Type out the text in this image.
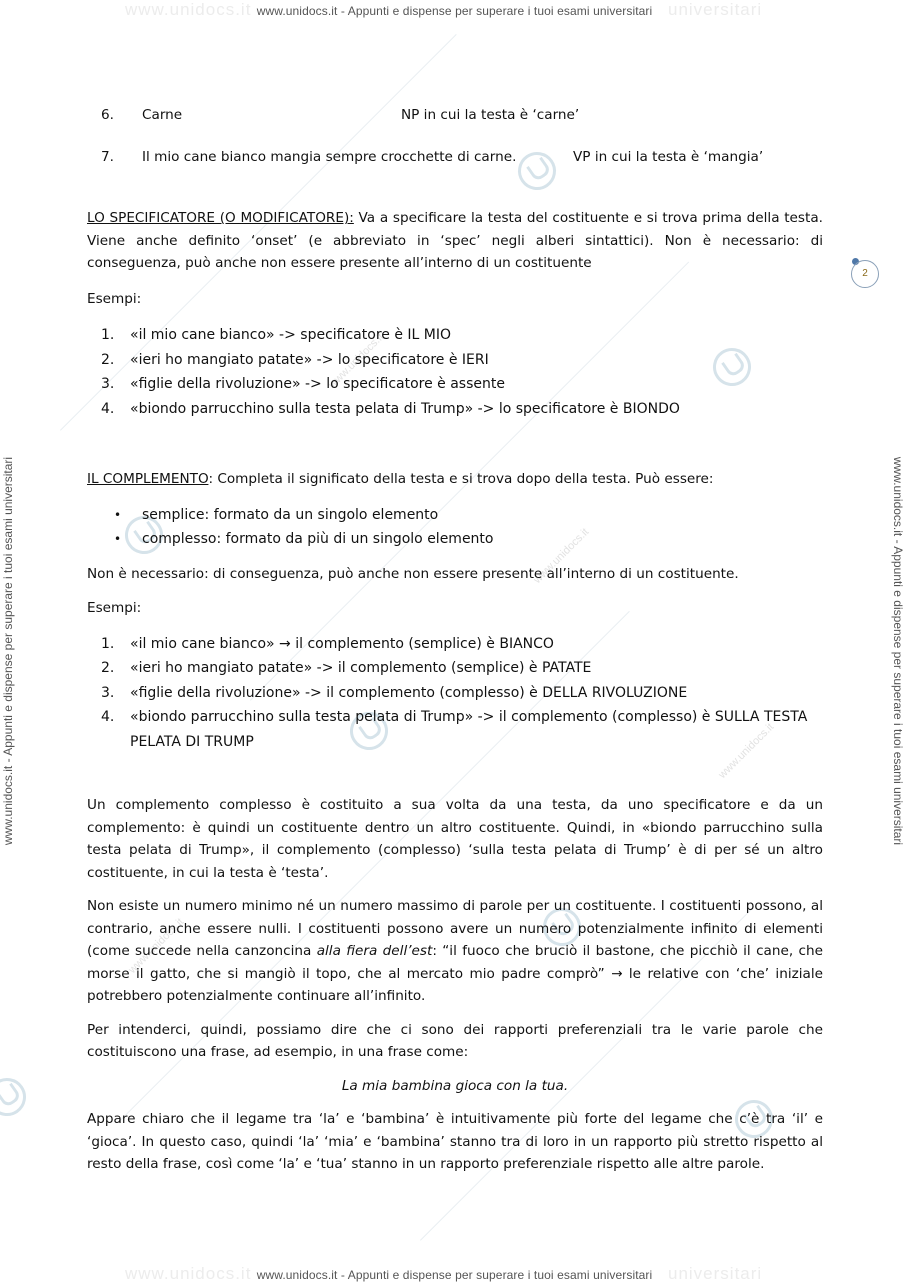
www.unidocs.it
www.unidocs.it
www.unidocs.it
www.unidocs.it
www.unidocs.it www.unidocs.it - Appunti e dispense per superare i tuoi esami universitari universitari
www.unidocs.it www.unidocs.it - Appunti e dispense per superare i tuoi esami universitari universitari
www.unidocs.it - Appunti e dispense per superare i tuoi esami universitari	www.unidocs.it - Appunti e dispense per superare i tuoi esami universitari
2
6. Carne	NP in cui la testa è ‘carne’
7. Il mio cane bianco mangia sempre crocchette di carne.	VP in cui la testa è ‘mangia’

LO SPECIFICATORE (O MODIFICATORE): Va a specificare la testa del costituente e si trova prima della testa. Viene anche definito ‘onset’ (e abbreviato in ‘spec’ negli alberi sintattici). Non è necessario: di conseguenza, può anche non essere presente all’interno di un costituente

Esempi:

1. «il mio cane bianco» -> specificatore è IL MIO
2. «ieri ho mangiato patate» -> lo specificatore è IERI
3. «figlie della rivoluzione» -> lo specificatore è assente
4. «biondo parrucchino sulla testa pelata di Trump» -> lo specificatore è BIONDO

IL COMPLEMENTO: Completa il significato della testa e si trova dopo della testa. Può essere:

• semplice: formato da un singolo elemento
• complesso: formato da più di un singolo elemento

Non è necessario: di conseguenza, può anche non essere presente all’interno di un costituente.

Esempi:

1. «il mio cane bianco» → il complemento (semplice) è BIANCO
2. «ieri ho mangiato patate» -> il complemento (semplice) è PATATE
3. «figlie della rivoluzione» -> il complemento (complesso) è DELLA RIVOLUZIONE
4. «biondo parrucchino sulla testa pelata di Trump» -> il complemento (complesso) è SULLA TESTA PELATA DI TRUMP

Un complemento complesso è costituito a sua volta da una testa, da uno specificatore e da un complemento: è quindi un costituente dentro un altro costituente. Quindi, in «biondo parrucchino sulla testa pelata di Trump», il complemento (complesso) ‘sulla testa pelata di Trump’ è di per sé un altro costituente, in cui la testa è ‘testa’.

Non esiste un numero minimo né un numero massimo di parole per un costituente. I costituenti possono, al contrario, anche essere nulli. I costituenti possono avere un numero potenzialmente infinito di elementi (come succede nella canzoncina alla fiera dell’est: “il fuoco che bruciò il bastone, che picchiò il cane, che morse il gatto, che si mangiò il topo, che al mercato mio padre comprò” → le relative con ‘che’ iniziale potrebbero potenzialmente continuare all’infinito.

Per intenderci, quindi, possiamo dire che ci sono dei rapporti preferenziali tra le varie parole che costituiscono una frase, ad esempio, in una frase come:

La mia bambina gioca con la tua.

Appare chiaro che il legame tra ‘la’ e ‘bambina’ è intuitivamente più forte del legame che c’è tra ‘il’ e ‘gioca’. In questo caso, quindi ‘la’ ‘mia’ e ‘bambina’ stanno tra di loro in un rapporto più stretto rispetto al resto della frase, così come ‘la’ e ‘tua’ stanno in un rapporto preferenziale rispetto alle altre parole.
